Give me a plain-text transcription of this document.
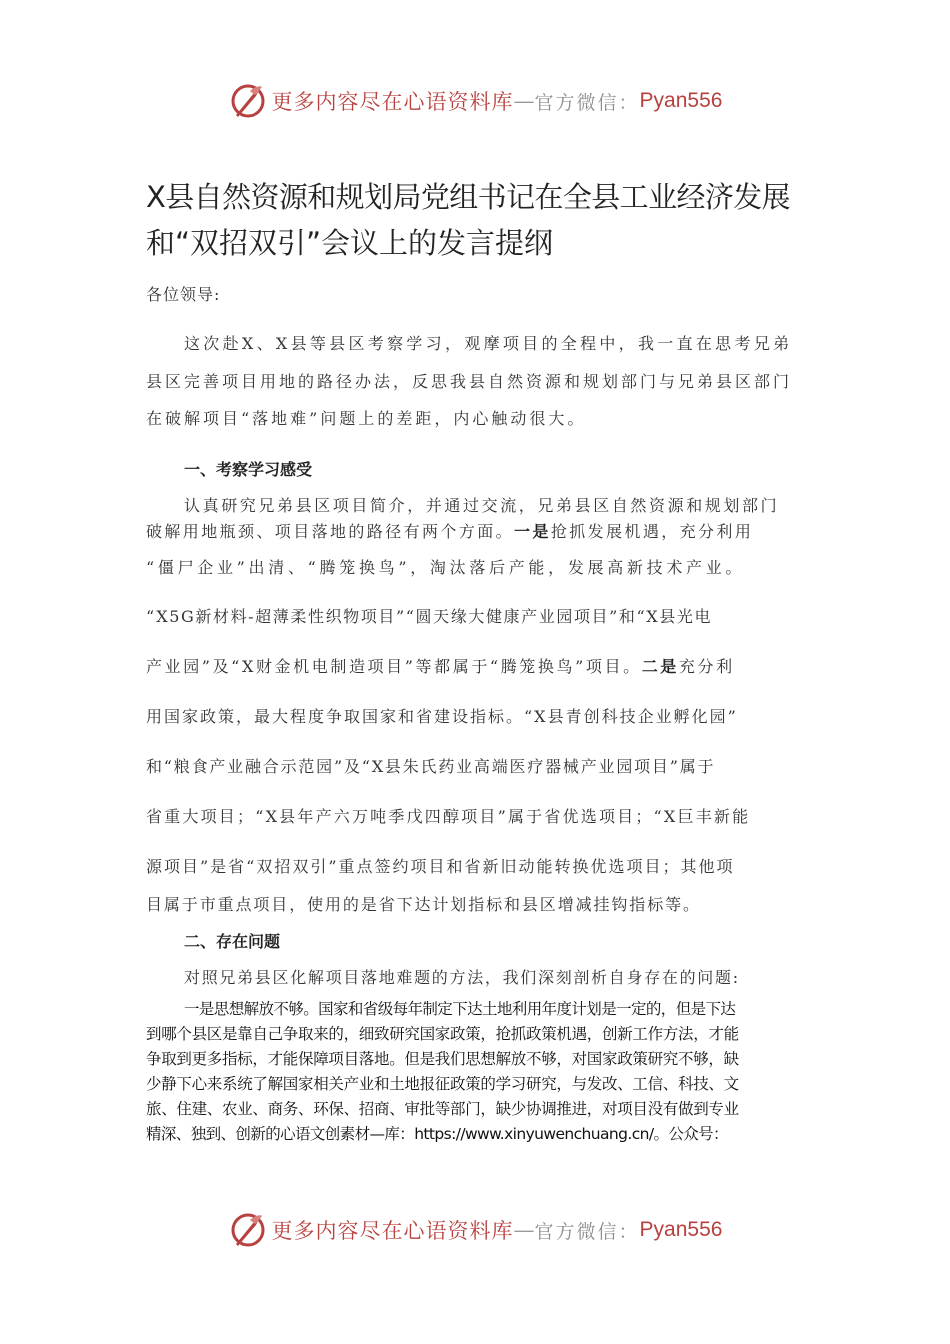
更多内容尽在心语资料库 — 官方微信： Pyan556
X县自然资源和规划局党组书记在全县工业经济发展
和“双招双引”会议上的发言提纲
各位领导:
这次赴X、X县等县区考察学习，观摩项目的全程中，我一直在思考兄弟
县区完善项目用地的路径办法，反思我县自然资源和规划部门与兄弟县区部门
在破解项目“落地难”问题上的差距，内心触动很大。
一、考察学习感受
认真研究兄弟县区项目简介，并通过交流，兄弟县区自然资源和规划部门
破解用地瓶颈、项目落地的路径有两个方面。一是抢抓发展机遇，充分利用
“僵尸企业”出清、“腾笼换鸟”，淘汰落后产能，发展高新技术产业。
“X5G新材料-超薄柔性织物项目”“圆天缘大健康产业园项目”和“X县光电
产业园”及“X财金机电制造项目”等都属于“腾笼换鸟”项目。二是充分利
用国家政策，最大程度争取国家和省建设指标。“X县青创科技企业孵化园”
和“粮食产业融合示范园”及“X县朱氏药业高端医疗器械产业园项目”属于
省重大项目；“X县年产六万吨季戊四醇项目”属于省优选项目；“X巨丰新能
源项目”是省“双招双引”重点签约项目和省新旧动能转换优选项目；其他项
目属于市重点项目，使用的是省下达计划指标和县区增减挂钩指标等。
二、存在问题
对照兄弟县区化解项目落地难题的方法，我们深刻剖析自身存在的问题:
一是思想解放不够。国家和省级每年制定下达土地利用年度计划是一定的，但是下达
到哪个县区是靠自己争取来的，细致研究国家政策，抢抓政策机遇，创新工作方法，才能
争取到更多指标，才能保障项目落地。但是我们思想解放不够，对国家政策研究不够，缺
少静下心来系统了解国家相关产业和土地报征政策的学习研究，与发改、工信、科技、文
旅、住建、农业、商务、环保、招商、审批等部门，缺少协调推进，对项目没有做到专业
精深、独到、创新的心语文创素材—库：https://www.xinyuwenchuang.cn/。公众号：
更多内容尽在心语资料库 — 官方微信： Pyan556
